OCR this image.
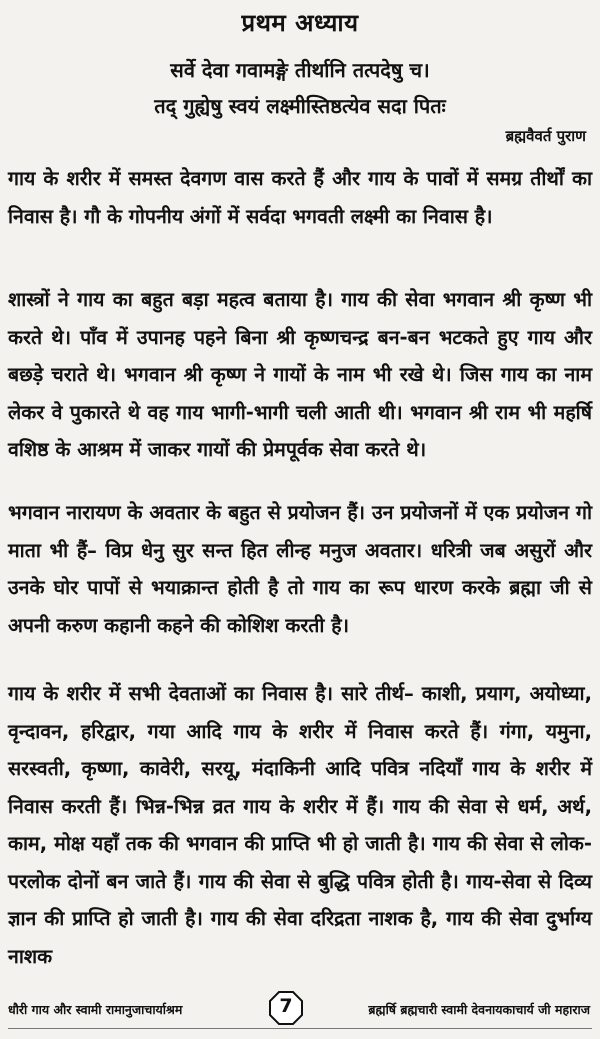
प्रथम अध्याय
सर्वे देवा गवामङ्गे तीर्थानि तत्पदेषु च।
तद् गुह्येषु स्वयं लक्ष्मीस्तिष्ठत्येव सदा पितः
ब्रह्मवैवर्त पुराण
गाय के शरीर में समस्त देवगण वास करते हैं और गाय के पावों में समग्र तीर्थों का निवास है। गौ के गोपनीय अंगों में सर्वदा भगवती लक्ष्मी का निवास है।
शास्त्रों ने गाय का बहुत बड़ा महत्व बताया है। गाय की सेवा भगवान श्री कृष्ण भी करते थे। पाँव में उपानह पहने बिना श्री कृष्णचन्द्र बन-बन भटकते हुए गाय और बछड़े चराते थे। भगवान श्री कृष्ण ने गायों के नाम भी रखे थे। जिस गाय का नाम लेकर वे पुकारते थे वह गाय भागी-भागी चली आती थी। भगवान श्री राम भी महर्षि वशिष्ठ के आश्रम में जाकर गायों की प्रेमपूर्वक सेवा करते थे।
भगवान नारायण के अवतार के बहुत से प्रयोजन हैं। उन प्रयोजनों में एक प्रयोजन गो माता भी हैं– विप्र धेनु सुर सन्त हित लीन्ह मनुज अवतार। धरित्री जब असुरों और उनके घोर पापों से भयाक्रान्त होती है तो गाय का रूप धारण करके ब्रह्मा जी से अपनी करुण कहानी कहने की कोशिश करती है।
गाय के शरीर में सभी देवताओं का निवास है। सारे तीर्थ– काशी, प्रयाग, अयोध्या, वृन्दावन, हरिद्वार, गया आदि गाय के शरीर में निवास करते हैं। गंगा, यमुना, सरस्वती, कृष्णा, कावेरी, सरयू, मंदाकिनी आदि पवित्र नदियाँ गाय के शरीर में निवास करती हैं। भिन्न-भिन्न व्रत गाय के शरीर में हैं। गाय की सेवा से धर्म, अर्थ, काम, मोक्ष यहाँ तक की भगवान की प्राप्ति भी हो जाती है। गाय की सेवा से लोक-परलोक दोनों बन जाते हैं। गाय की सेवा से बुद्धि पवित्र होती है। गाय-सेवा से दिव्य ज्ञान की प्राप्ति हो जाती है। गाय की सेवा दरिद्रता नाशक है, गाय की सेवा दुर्भाग्य नाशक
धौरी गाय और स्वामी रामानुजाचार्याश्रम	7	ब्रह्मर्षि ब्रह्मचारी स्वामी देवनायकाचार्य जी महाराज
